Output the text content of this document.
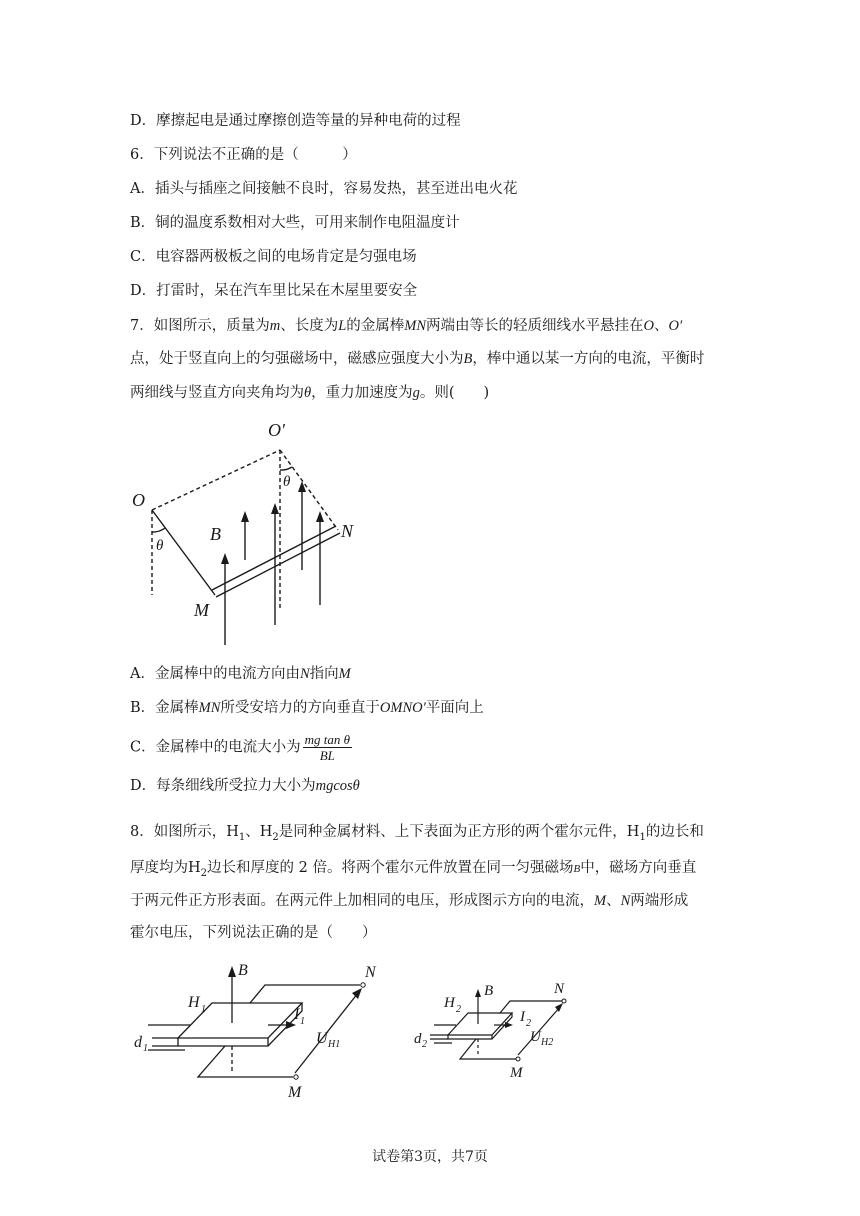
D．摩擦起电是通过摩擦创造等量的异种电荷的过程
6．下列说法不正确的是（　　　）
A．插头与插座之间接触不良时，容易发热，甚至迸出电火花
B．铜的温度系数相对大些，可用来制作电阻温度计
C．电容器两极板之间的电场肯定是匀强电场
D．打雷时，呆在汽车里比呆在木屋里要安全
7．如图所示，质量为m、长度为L的金属棒MN两端由等长的轻质细线水平悬挂在O、O′
点，处于竖直向上的匀强磁场中，磁感应强度大小为B，棒中通以某一方向的电流，平衡时
两细线与竖直方向夹角均为θ，重力加速度为g。则(　　)
O
O′
θ
θ
B
M
N
A．金属棒中的电流方向由N指向M
B．金属棒MN所受安培力的方向垂直于OMNO′平面向上
C．金属棒中的电流大小为 $\frac{\text{mg tan θ}}{BL}$
D．每条细线所受拉力大小为mgcosθ
8．如图所示，$H_1$、$H_2$是同种金属材料、上下表面为正方形的两个霍尔元件，$H_1$的边长和
厚度均为$H_2$边长和厚度的 2 倍。将两个霍尔元件放置在同一匀强磁场B中，磁场方向垂直
于两元件正方形表面。在两元件上加相同的电压，形成图示方向的电流，M、N两端形成
霍尔电压，下列说法正确的是（　　）
B
H 1	I 1
d 1
U H1
N
M
B
H 2	I 2
d 2	U H2
N
M
试卷第3页，共7页
